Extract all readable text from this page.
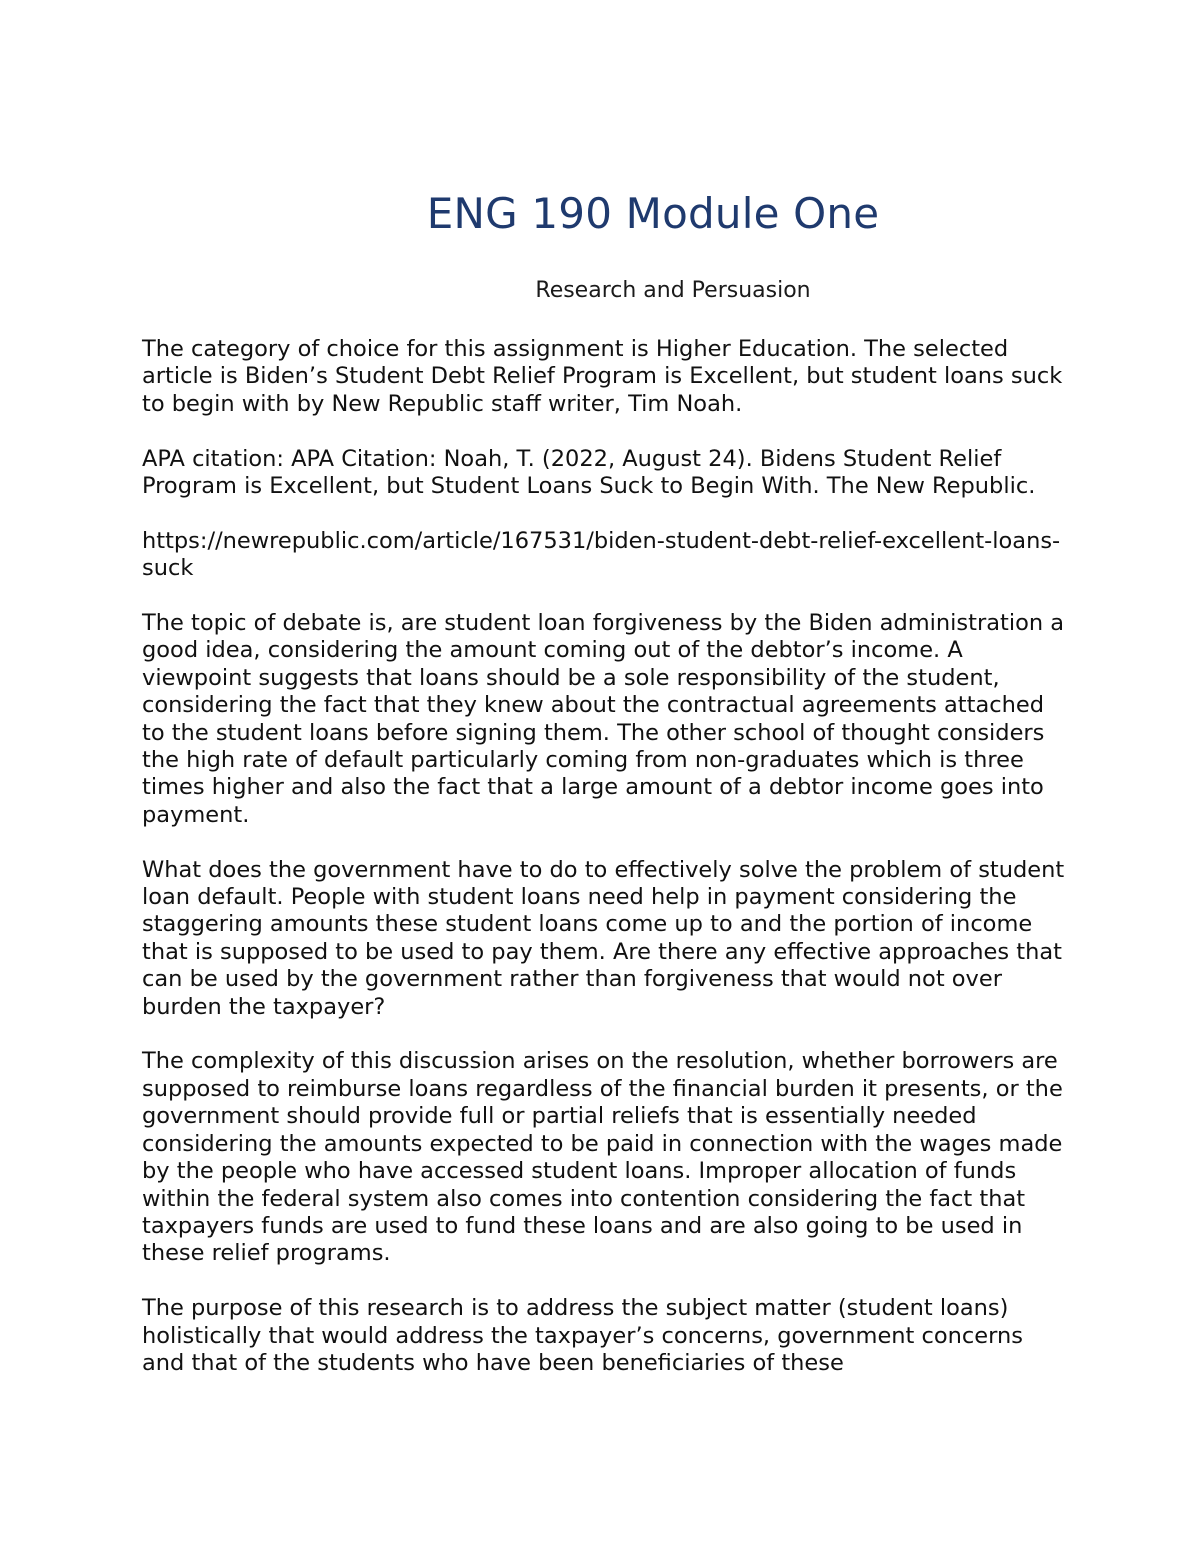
ENG 190 Module One
Research and Persuasion

The category of choice for this assignment is Higher Education. The selected article is Biden’s Student Debt Relief Program is Excellent, but student loans suck to begin with by New Republic staff writer, Tim Noah.

APA citation: APA Citation: Noah, T. (2022, August 24). Bidens Student Relief Program is Excellent, but Student Loans Suck to Begin With. The New Republic.

https://newrepublic.com/article/167531/biden-student-debt-relief-excellent-loans-suck

The topic of debate is, are student loan forgiveness by the Biden administration a good idea, considering the amount coming out of the debtor’s income. A viewpoint suggests that loans should be a sole responsibility of the student, considering the fact that they knew about the contractual agreements attached to the student loans before signing them. The other school of thought considers the high rate of default particularly coming from non-graduates which is three times higher and also the fact that a large amount of a debtor income goes into payment.

What does the government have to do to effectively solve the problem of student loan default. People with student loans need help in payment considering the staggering amounts these student loans come up to and the portion of income that is supposed to be used to pay them. Are there any effective approaches that can be used by the government rather than forgiveness that would not over burden the taxpayer?

The complexity of this discussion arises on the resolution, whether borrowers are supposed to reimburse loans regardless of the financial burden it presents, or the government should provide full or partial reliefs that is essentially needed considering the amounts expected to be paid in connection with the wages made by the people who have accessed student loans. Improper allocation of funds within the federal system also comes into contention considering the fact that taxpayers funds are used to fund these loans and are also going to be used in these relief programs.

The purpose of this research is to address the subject matter (student loans) holistically that would address the taxpayer’s concerns, government concerns and that of the students who have been beneficiaries of these
